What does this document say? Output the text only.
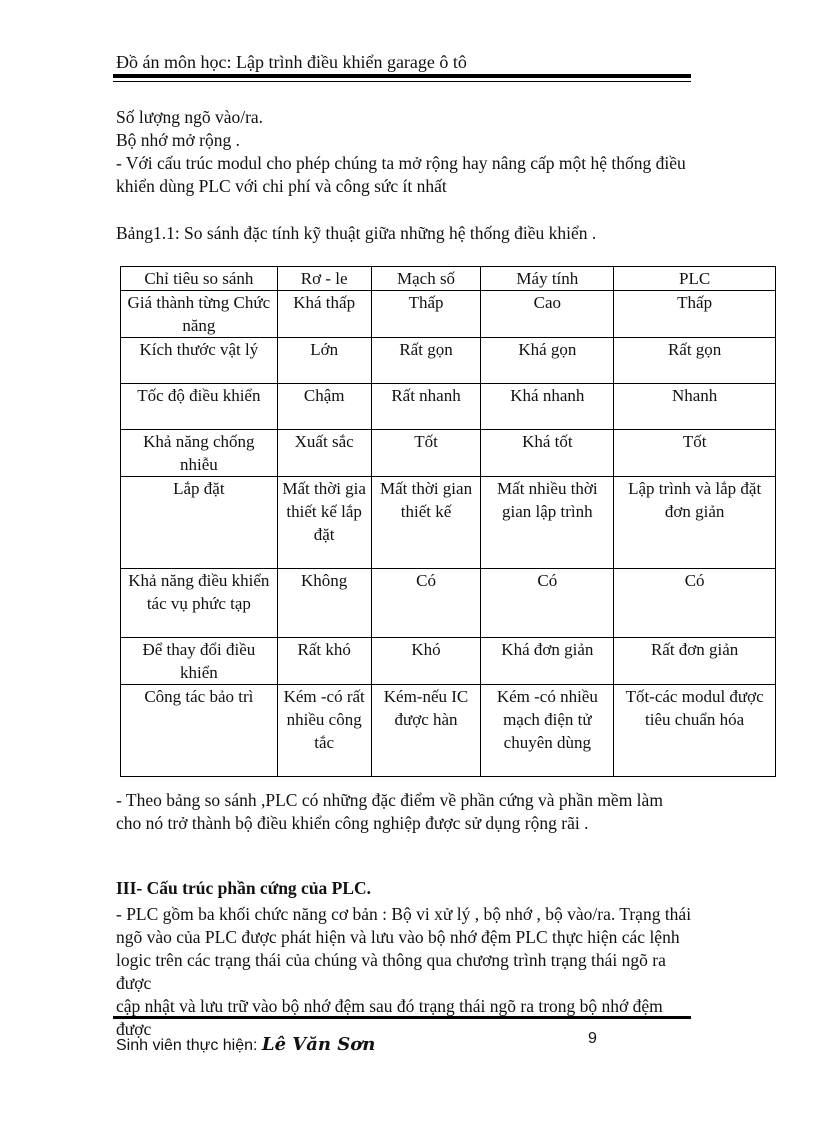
Đồ án môn học: Lập trình điều khiển garage ô tô

Số lượng ngõ vào/ra.

Bộ nhớ mở rộng .

- Với cấu trúc modul cho phép chúng ta mở rộng hay nâng cấp một hệ thống điều

khiển dùng PLC với chi phí và công sức ít nhất

Bảng1.1: So sánh đặc tính kỹ thuật giữa những hệ thống điều khiển .
Chỉ tiêu so sánh	Rơ - le	Mạch số	Máy tính	PLC
Giá thành từng Chức năng	Khá thấp	Thấp	Cao	Thấp
Kích thước vật lý	Lớn	Rất gọn	Khá gọn	Rất gọn
Tốc độ điều khiển	Chậm	Rất nhanh	Khá nhanh	Nhanh
Khả năng chống nhiễu	Xuất sắc	Tốt	Khá tốt	Tốt
Lắp đặt	Mất thời gia thiết kế lắp đặt	Mất thời gian thiết kế	Mất nhiều thời gian lập trình	Lập trình và lắp đặt đơn giản
Khả năng điều khiển tác vụ phức tạp	Không	Có	Có	Có
Để thay đổi điều khiển	Rất khó	Khó	Khá đơn giản	Rất đơn giản
Công tác bảo trì	Kém -có rất nhiều công tắc	Kém-nếu IC được hàn	Kém -có nhiều mạch điện tử chuyên dùng	Tốt-các modul được tiêu chuẩn hóa

- Theo bảng so sánh ,PLC có những đặc điểm về phần cứng và phần mềm làm

cho nó trở thành bộ điều khiển công nghiệp được sử dụng rộng rãi .

III- Cấu trúc phần cứng của PLC.

- PLC gồm ba khối chức năng cơ bản : Bộ vi xử lý , bộ nhớ , bộ vào/ra. Trạng thái

ngõ vào của PLC được phát hiện và lưu vào bộ nhớ đệm PLC thực hiện các lệnh

logic trên các trạng thái của chúng và thông qua chương trình trạng thái ngõ ra được

cập nhật và lưu trữ vào bộ nhớ đệm sau đó trạng thái ngõ ra trong bộ nhớ đệm được

Sinh viên thực hiện: Lê Văn Sơn	9
